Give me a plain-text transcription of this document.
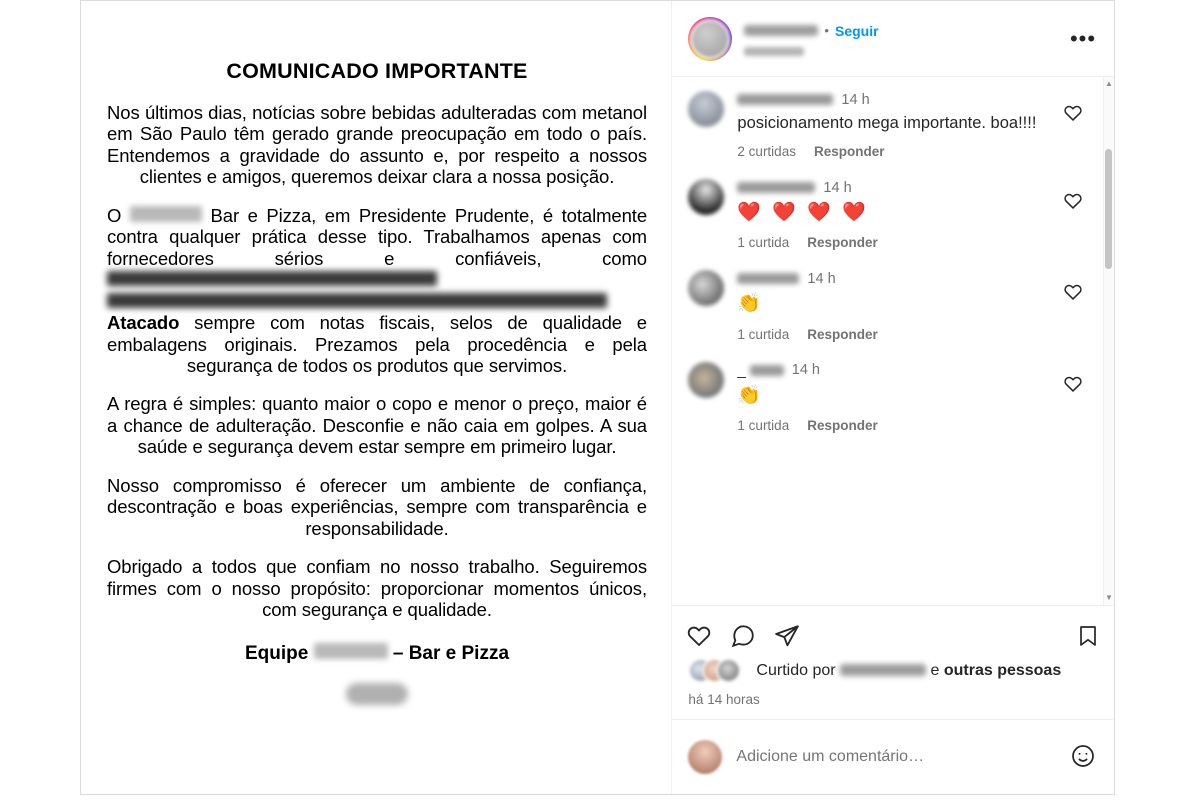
COMUNICADO IMPORTANTE

Nos últimos dias, notícias sobre bebidas adulteradas com metanol em São Paulo têm gerado grande preocupação em todo o país. Entendemos a gravidade do assunto e, por respeito a nossos clientes e amigos, queremos deixar clara a nossa posição.

O	Bar e Pizza, em Presidente Prudente, é totalmente contra qualquer prática desse tipo. Trabalhamos apenas com fornecedores sérios e confiáveis, como   Atacado sempre com notas fiscais, selos de qualidade e embalagens originais. Prezamos pela procedência e pela segurança de todos os produtos que servimos.

A regra é simples: quanto maior o copo e menor o preço, maior é a chance de adulteração. Desconfie e não caia em golpes. A sua saúde e segurança devem estar sempre em primeiro lugar.

Nosso compromisso é oferecer um ambiente de confiança, descontração e boas experiências, sempre com transparência e responsabilidade.

Obrigado a todos que confiam no nosso trabalho. Seguiremos firmes com o nosso propósito: proporcionar momentos únicos, com segurança e qualidade.

Equipe	– Bar e Pizza
• Seguir	•••
14 h
posicionamento mega importante. boa!!!!
2 curtidas Responder
14 h
❤️ ❤️ ❤️ ❤️
1 curtida Responder
14 h
👏
1 curtida Responder
_	14 h
👏
1 curtida Responder
▲
▼
Curtido por	e outras pessoas
há 14 horas
Adicione um comentário…
